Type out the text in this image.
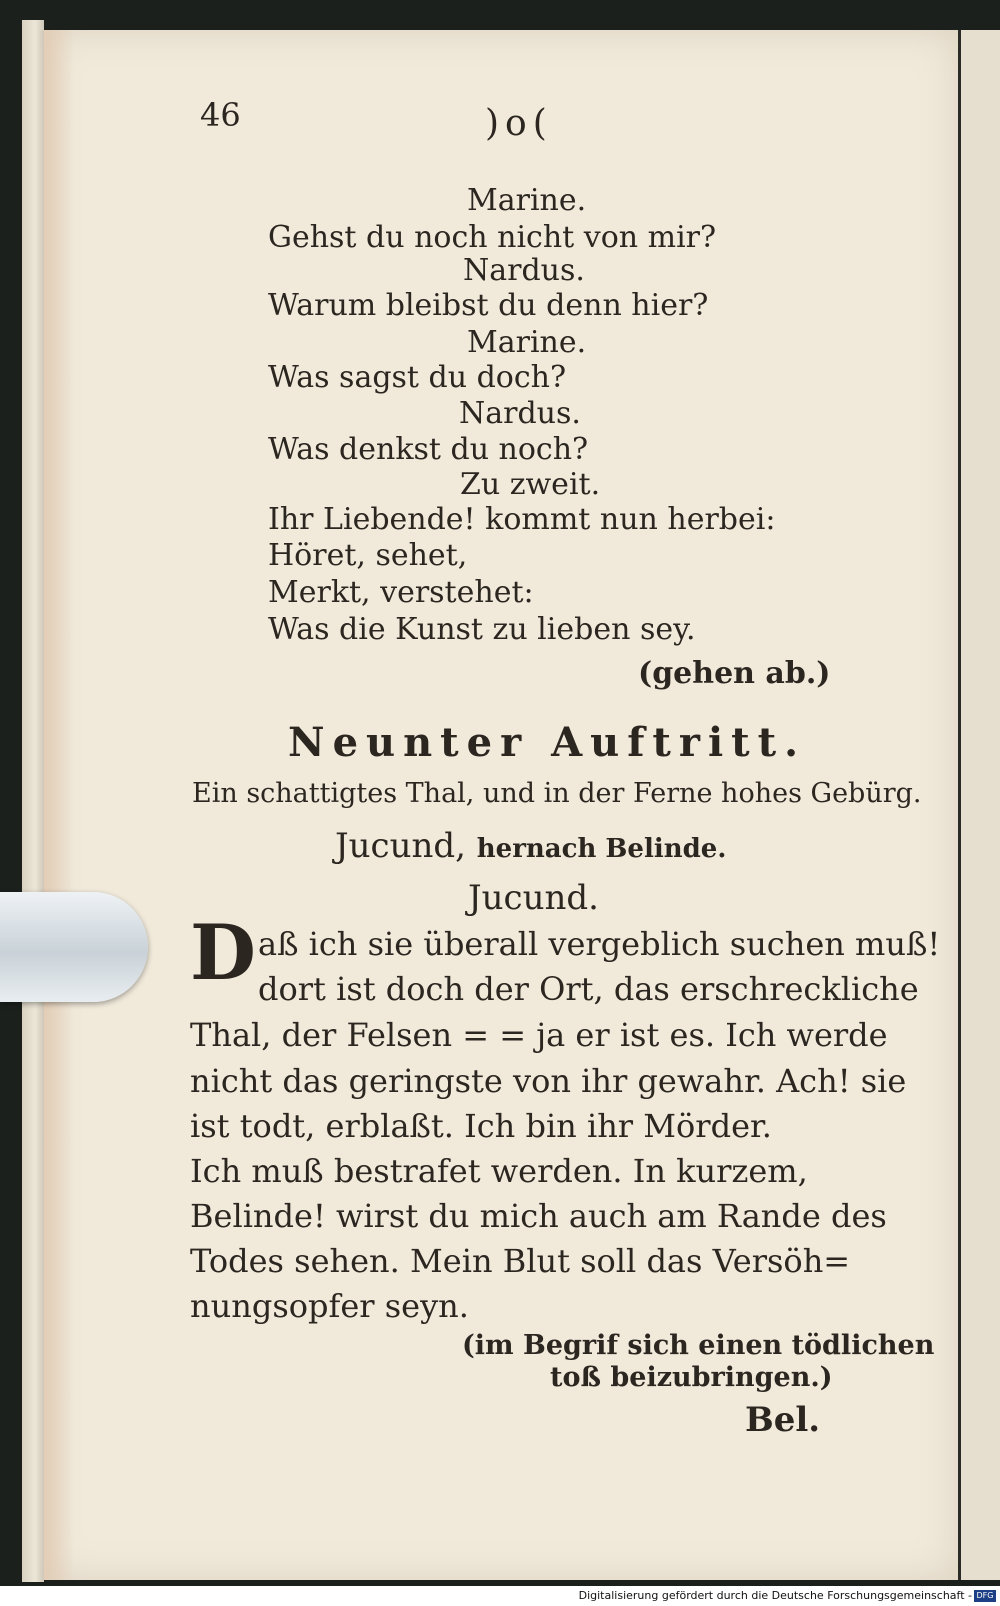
46	)o(

Marine.

Gehst du noch nicht von mir?

Nardus.

Warum bleibst du denn hier?

Marine.

Was sagst du doch?

Nardus.

Was denkst du noch?

Zu zweit.

Ihr Liebende! kommt nun herbei:

Höret, sehet,

Merkt, verstehet:

Was die Kunst zu lieben sey.

(gehen ab.)

Neunter Auftritt.

Ein schattigtes Thal, und in der Ferne hohes Gebürg.

Jucund, hernach Belinde.

Jucund.

D aß ich sie überall vergeblich suchen muß!

dort ist doch der Ort, das erschreckliche

Thal, der Felsen = = ja er ist es. Ich werde

nicht das geringste von ihr gewahr. Ach! sie

ist todt, erblaßt. Ich bin ihr Mörder.

Ich muß bestrafet werden. In kurzem,

Belinde! wirst du mich auch am Rande des

Todes sehen. Mein Blut soll das Versöh=

nungsopfer seyn.

(im Begrif sich einen tödlichen

toß beizubringen.)

Bel.

Digitalisierung gefördert durch die Deutsche Forschungsgemeinschaft - DFG
